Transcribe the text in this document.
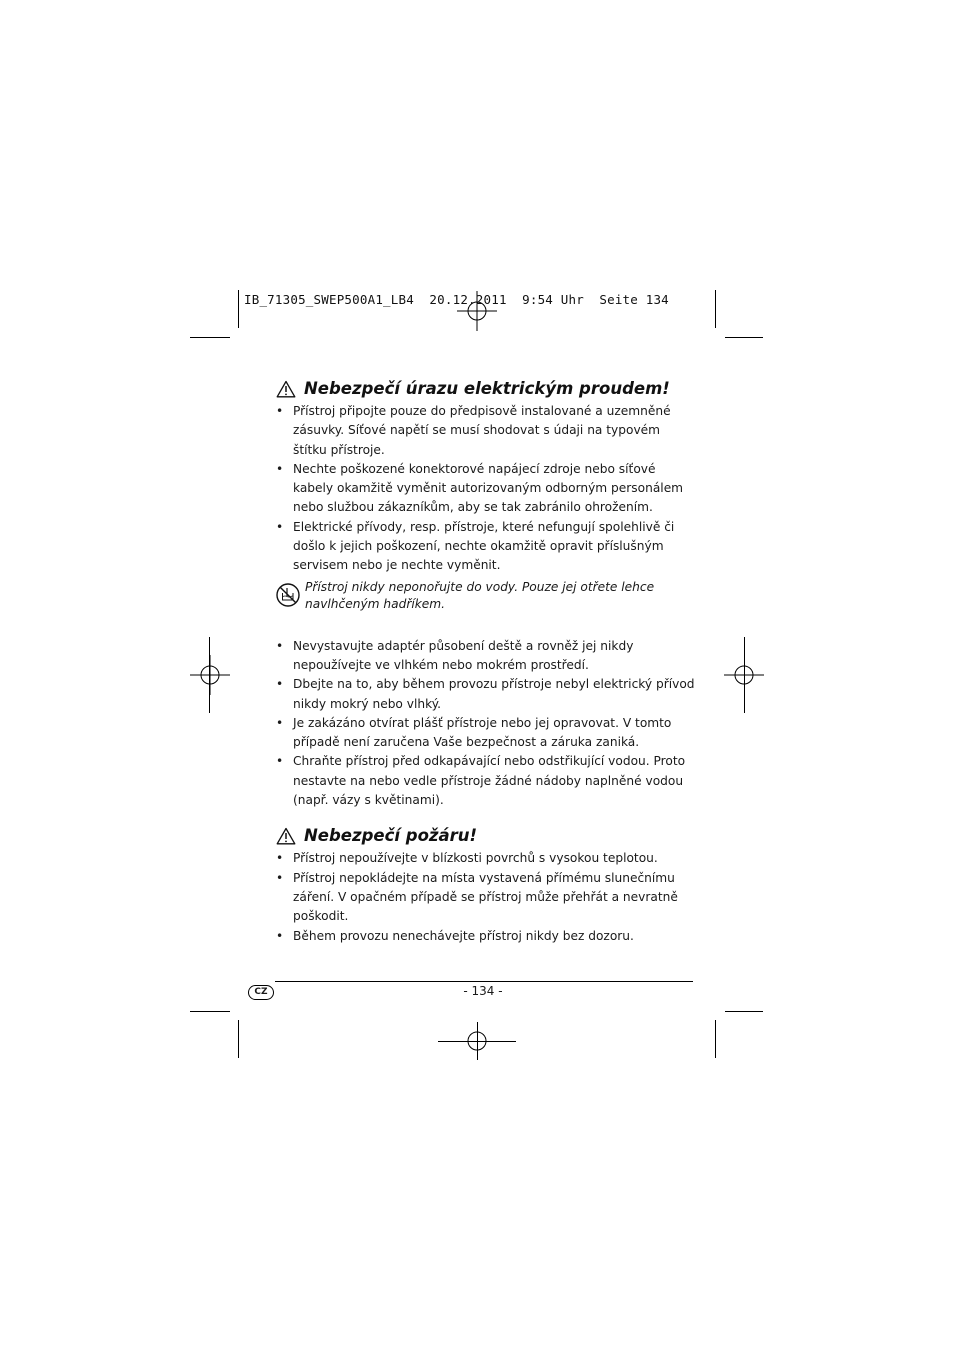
IB_71305_SWEP500A1_LB4  20.12.2011  9:54 Uhr  Seite 134
Nebezpečí úrazu elektrickým proudem!
• Přístroj připojte pouze do předpisově instalované a uzemněné zásuvky. Síťové napětí se musí shodovat s údaji na typovém štítku přístroje.
• Nechte poškozené konektorové napájecí zdroje nebo síťové kabely okamžitě vyměnit autorizovaným odborným personálem nebo službou zákazníkům, aby se tak zabránilo ohrožením.
• Elektrické přívody, resp. přístroje, které nefungují spolehlivě či došlo k jejich poškození, nechte okamžitě opravit příslušným servisem nebo je nechte vyměnit.
Přístroj nikdy neponořujte do vody. Pouze jej otřete lehce navlhčeným hadříkem.
• Nevystavujte adaptér působení deště a rovněž jej nikdy nepoužívejte ve vlhkém nebo mokrém prostředí.
• Dbejte na to, aby během provozu přístroje nebyl elektrický přívod nikdy mokrý nebo vlhký.
• Je zakázáno otvírat plášť přístroje nebo jej opravovat. V tomto případě není zaručena Vaše bezpečnost a záruka zaniká.
• Chraňte přístroj před odkapávající nebo odstřikující vodou. Proto nestavte na nebo vedle přístroje žádné nádoby naplněné vodou (např. vázy s květinami).
Nebezpečí požáru!
• Přístroj nepoužívejte v blízkosti povrchů s vysokou teplotou.
• Přístroj nepokládejte na místa vystavená přímému slunečnímu záření. V opačném případě se přístroj může přehřát a nevratně poškodit.
• Během provozu nenechávejte přístroj nikdy bez dozoru.
CZ	- 134 -
